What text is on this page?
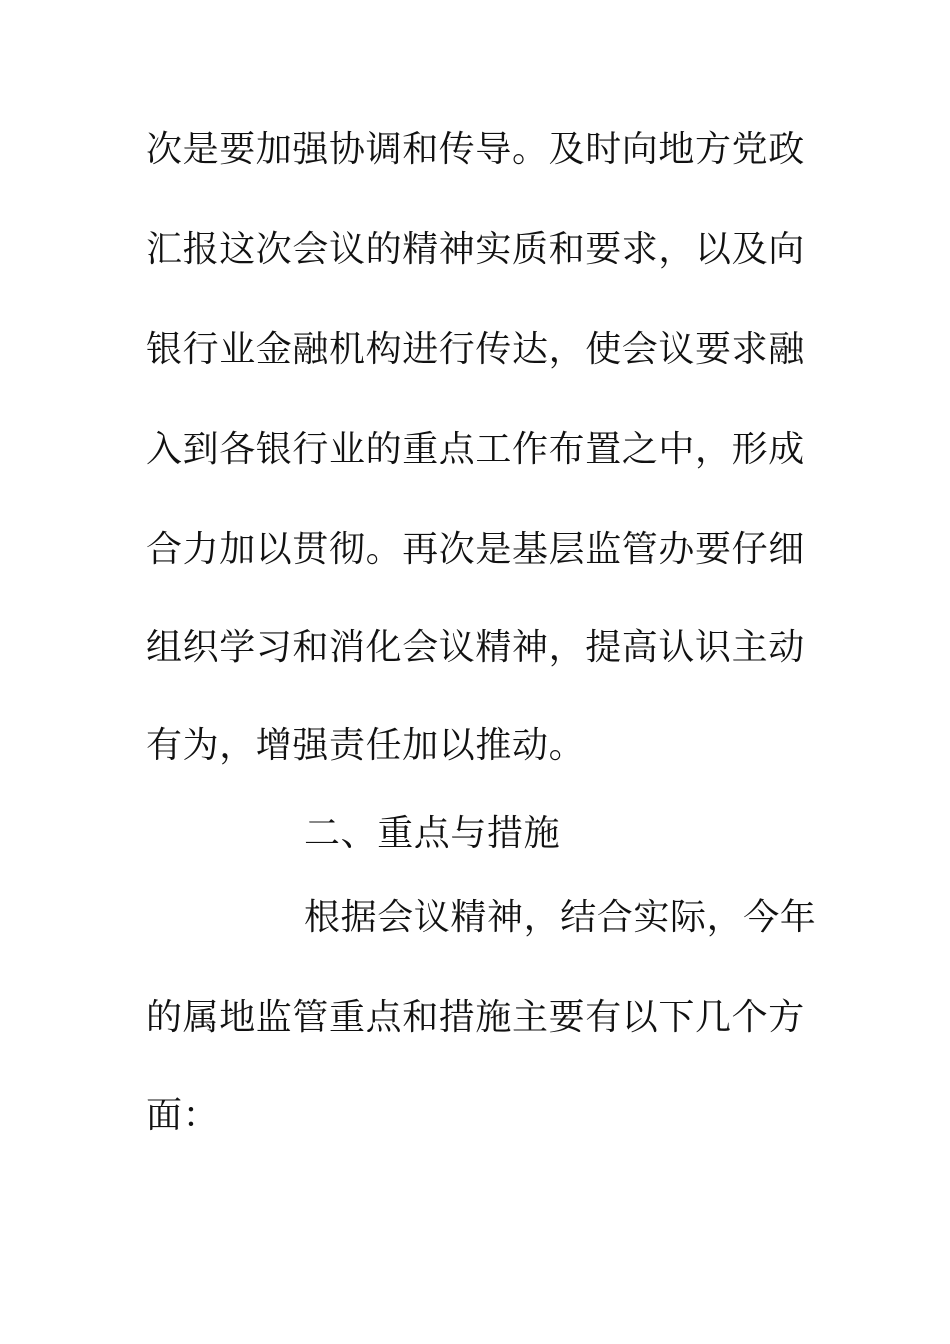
次是要加强协调和传导。及时向地方党政
汇报这次会议的精神实质和要求，以及向
银行业金融机构进行传达，使会议要求融
入到各银行业的重点工作布置之中，形成
合力加以贯彻。再次是基层监管办要仔细
组织学习和消化会议精神，提高认识主动
有为，增强责任加以推动。
二、重点与措施
根据会议精神，结合实际，今年
的属地监管重点和措施主要有以下几个方
面：
